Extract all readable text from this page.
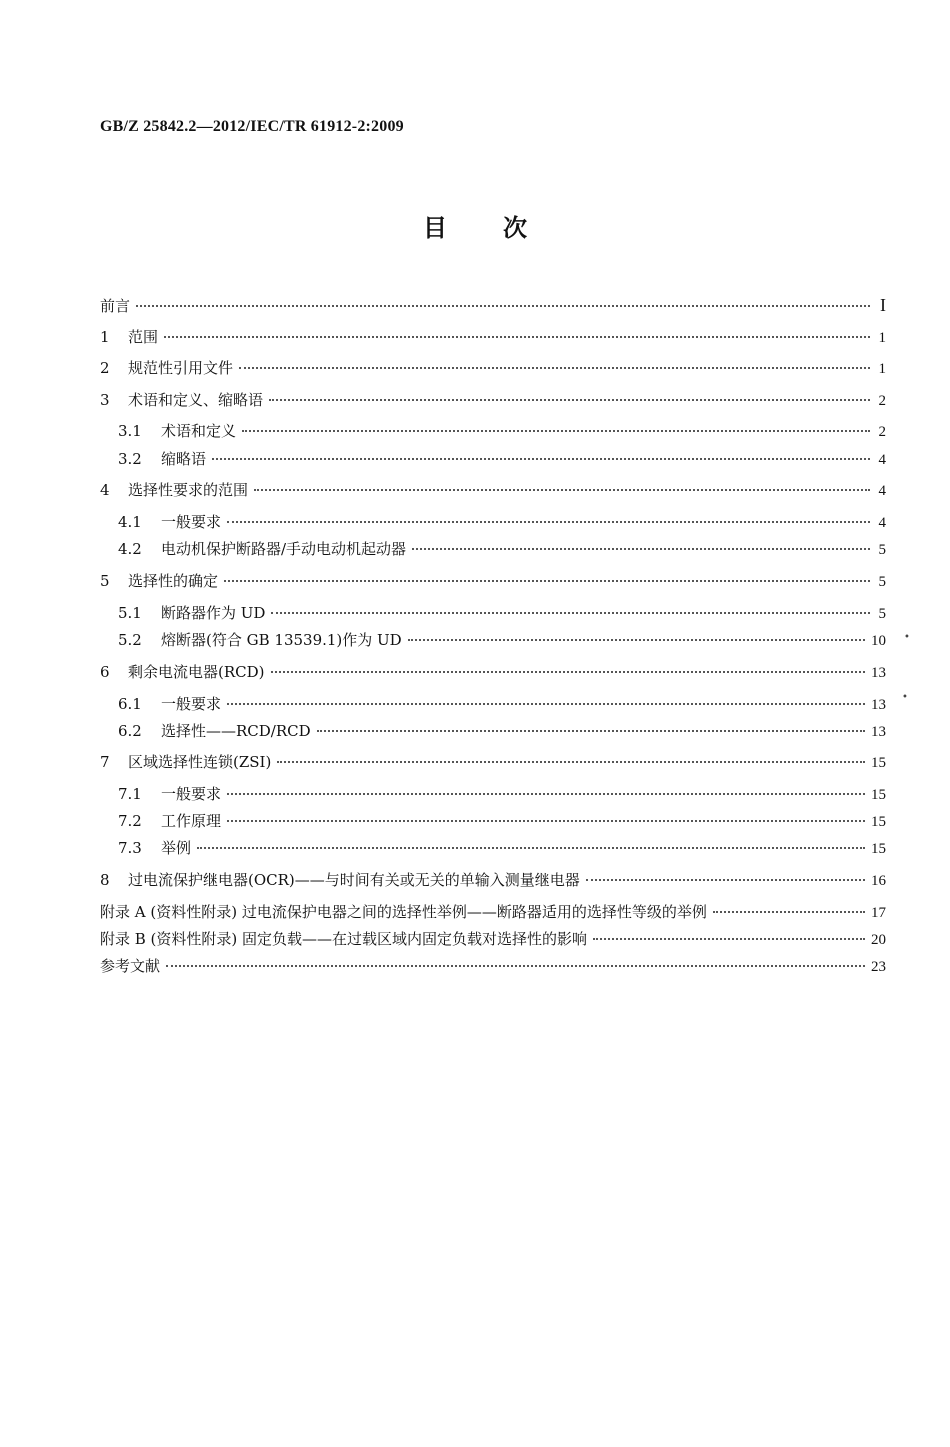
GB/Z 25842.2—2012/IEC/TR 61912-2:2009
目 次
前言	I
1	范围	1
2	规范性引用文件	1
3	术语和定义、缩略语	2
3.1	术语和定义	2
3.2	缩略语	4
4	选择性要求的范围	4
4.1	一般要求	4
4.2	电动机保护断路器/手动电动机起动器	5
5	选择性的确定	5
5.1	断路器作为 UD	5
5.2	熔断器(符合 GB 13539.1)作为 UD	10
6	剩余电流电器(RCD)	13
6.1	一般要求	13
6.2	选择性——RCD/RCD	13
7	区域选择性连锁(ZSI)	15
7.1	一般要求	15
7.2	工作原理	15
7.3	举例	15
8	过电流保护继电器(OCR)——与时间有关或无关的单输入测量继电器	16
附录 A (资料性附录) 过电流保护电器之间的选择性举例——断路器适用的选择性等级的举例	17
附录 B (资料性附录) 固定负载——在过载区域内固定负载对选择性的影响	20
参考文献	23
•
•
